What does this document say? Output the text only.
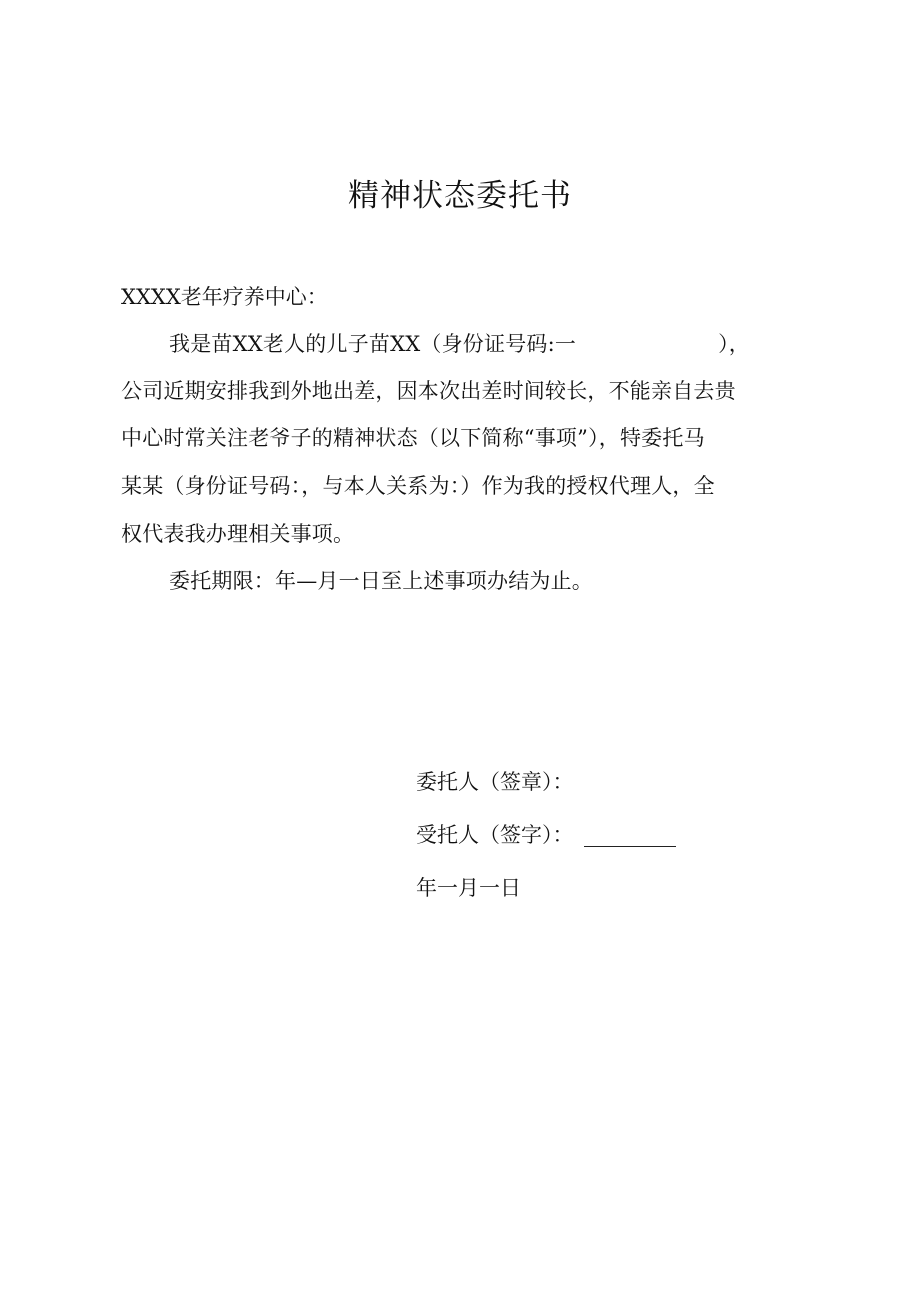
精神状态委托书
XXXX老年疗养中心：
我是苗XX老人的儿子苗XX（身份证号码:一	），
公司近期安排我到外地出差，因本次出差时间较长，不能亲自去贵
中心时常关注老爷子的精神状态（以下简称“事项”），特委托马
某某（身份证号码：，与本人关系为：）作为我的授权代理人，全
权代表我办理相关事项。
委托期限：年—月一日至上述事项办结为止。
委托人（签章）：
受托人（签字）：
年一月一日
